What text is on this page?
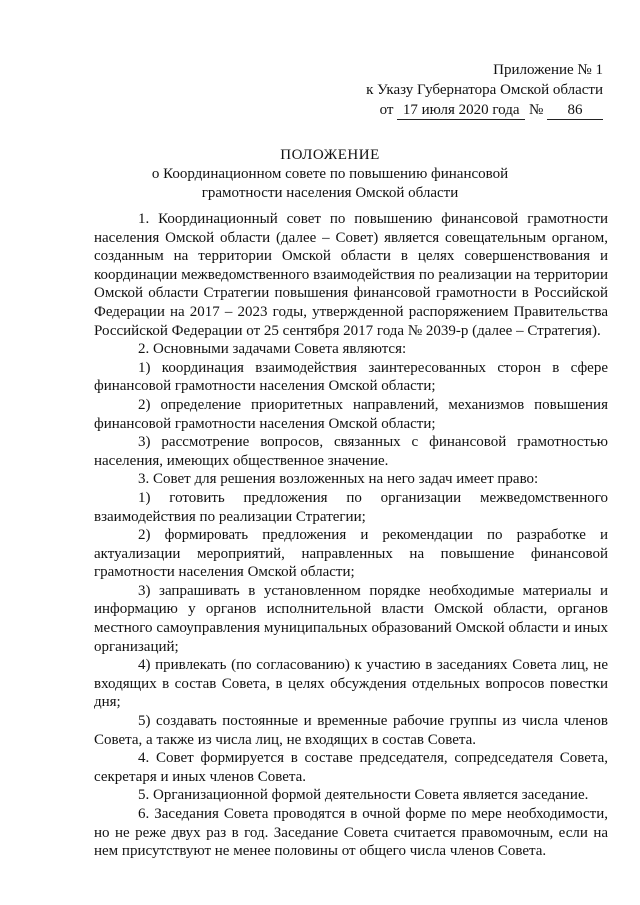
Приложение № 1
к Указу Губернатора Омской области
от 17 июля 2020 года № 86
ПОЛОЖЕНИЕ
о Координационном совете по повышению финансовой
грамотности населения Омской области

1. Координационный совет по повышению финансовой грамотности населения Омской области (далее – Совет) является совещательным органом, созданным на территории Омской области в целях совершенствования и координации межведомственного взаимодействия по реализации на территории Омской области Стратегии повышения финансовой грамотности в Российской Федерации на 2017 – 2023 годы, утвержденной распоряжением Правительства Российской Федерации от 25 сентября 2017 года № 2039-р (далее – Стратегия).

2. Основными задачами Совета являются:

1) координация взаимодействия заинтересованных сторон в сфере финансовой грамотности населения Омской области;

2) определение приоритетных направлений, механизмов повышения финансовой грамотности населения Омской области;

3) рассмотрение вопросов, связанных с финансовой грамотностью населения, имеющих общественное значение.

3. Совет для решения возложенных на него задач имеет право:

1) готовить предложения по организации межведомственного взаимодействия по реализации Стратегии;

2) формировать предложения и рекомендации по разработке и актуализации мероприятий, направленных на повышение финансовой грамотности населения Омской области;

3) запрашивать в установленном порядке необходимые материалы и информацию у органов исполнительной власти Омской области, органов местного самоуправления муниципальных образований Омской области и иных организаций;

4) привлекать (по согласованию) к участию в заседаниях Совета лиц, не входящих в состав Совета, в целях обсуждения отдельных вопросов повестки дня;

5) создавать постоянные и временные рабочие группы из числа членов Совета, а также из числа лиц, не входящих в состав Совета.

4. Совет формируется в составе председателя, сопредседателя Совета, секретаря и иных членов Совета.

5. Организационной формой деятельности Совета является заседание.

6. Заседания Совета проводятся в очной форме по мере необходимости, но не реже двух раз в год. Заседание Совета считается правомочным, если на нем присутствуют не менее половины от общего числа членов Совета.
